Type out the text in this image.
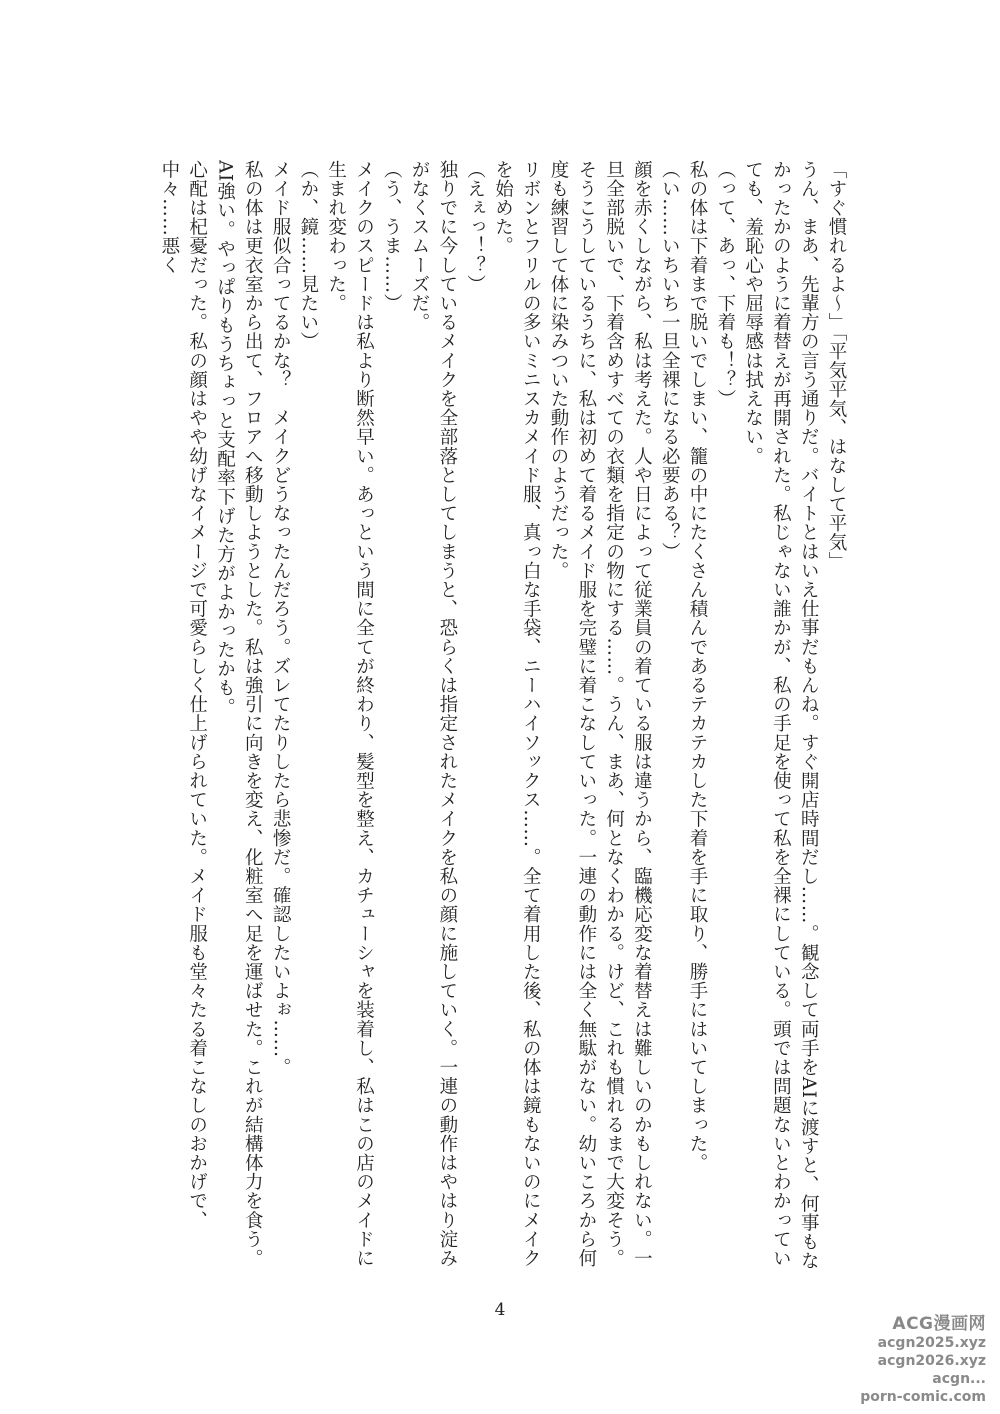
「すぐ慣れるよ～」「平気平気、はなして平気」

うん、まあ、先輩方の言う通りだ。バイトとはいえ仕事だもんね。すぐ開店時間だし……。観念して両手をAIに渡すと、何事もなかったかのように着替えが再開された。私じゃない誰かが、私の手足を使って私を全裸にしている。頭では問題ないとわかっていても、羞恥心や屈辱感は拭えない。

（って、あっ、下着も！？）

私の体は下着まで脱いでしまい、籠の中にたくさん積んであるテカテカした下着を手に取り、勝手にはいてしまった。

（い……いちいち一旦全裸になる必要ある？）

顔を赤くしながら、私は考えた。人や日によって従業員の着ている服は違うから、臨機応変な着替えは難しいのかもしれない。一旦全部脱いで、下着含めすべての衣類を指定の物にする……。うん、まあ、何となくわかる。けど、これも慣れるまで大変そう。

そうこうしているうちに、私は初めて着るメイド服を完璧に着こなしていった。一連の動作には全く無駄がない。幼いころから何度も練習して体に染みついた動作のようだった。

リボンとフリルの多いミニスカメイド服、真っ白な手袋、ニーハイソックス……。全て着用した後、私の体は鏡もないのにメイクを始めた。

（えぇっ！？）

独りでに今しているメイクを全部落としてしまうと、恐らくは指定されたメイクを私の顔に施していく。一連の動作はやはり淀みがなくスムーズだ。

（う、うま……）

メイクのスピードは私より断然早い。あっという間に全てが終わり、髪型を整え、カチューシャを装着し、私はこの店のメイドに生まれ変わった。

（か、鏡……見たい）

メイド服似合ってるかな？　メイクどうなったんだろう。ズレてたりしたら悲惨だ。確認したいよぉ……。

私の体は更衣室から出て、フロアへ移動しようとした。私は強引に向きを変え、化粧室へ足を運ばせた。これが結構体力を食う。AI強い。やっぱりもうちょっと支配率下げた方がよかったかも。

心配は杞憂だった。私の顔はやや幼げなイメージで可愛らしく仕上げられていた。メイド服も堂々たる着こなしのおかげで、中々……悪く

4
ACG漫画网
acgn2025.xyz
acgn2026.xyz
acgn...
porn-comic.com
